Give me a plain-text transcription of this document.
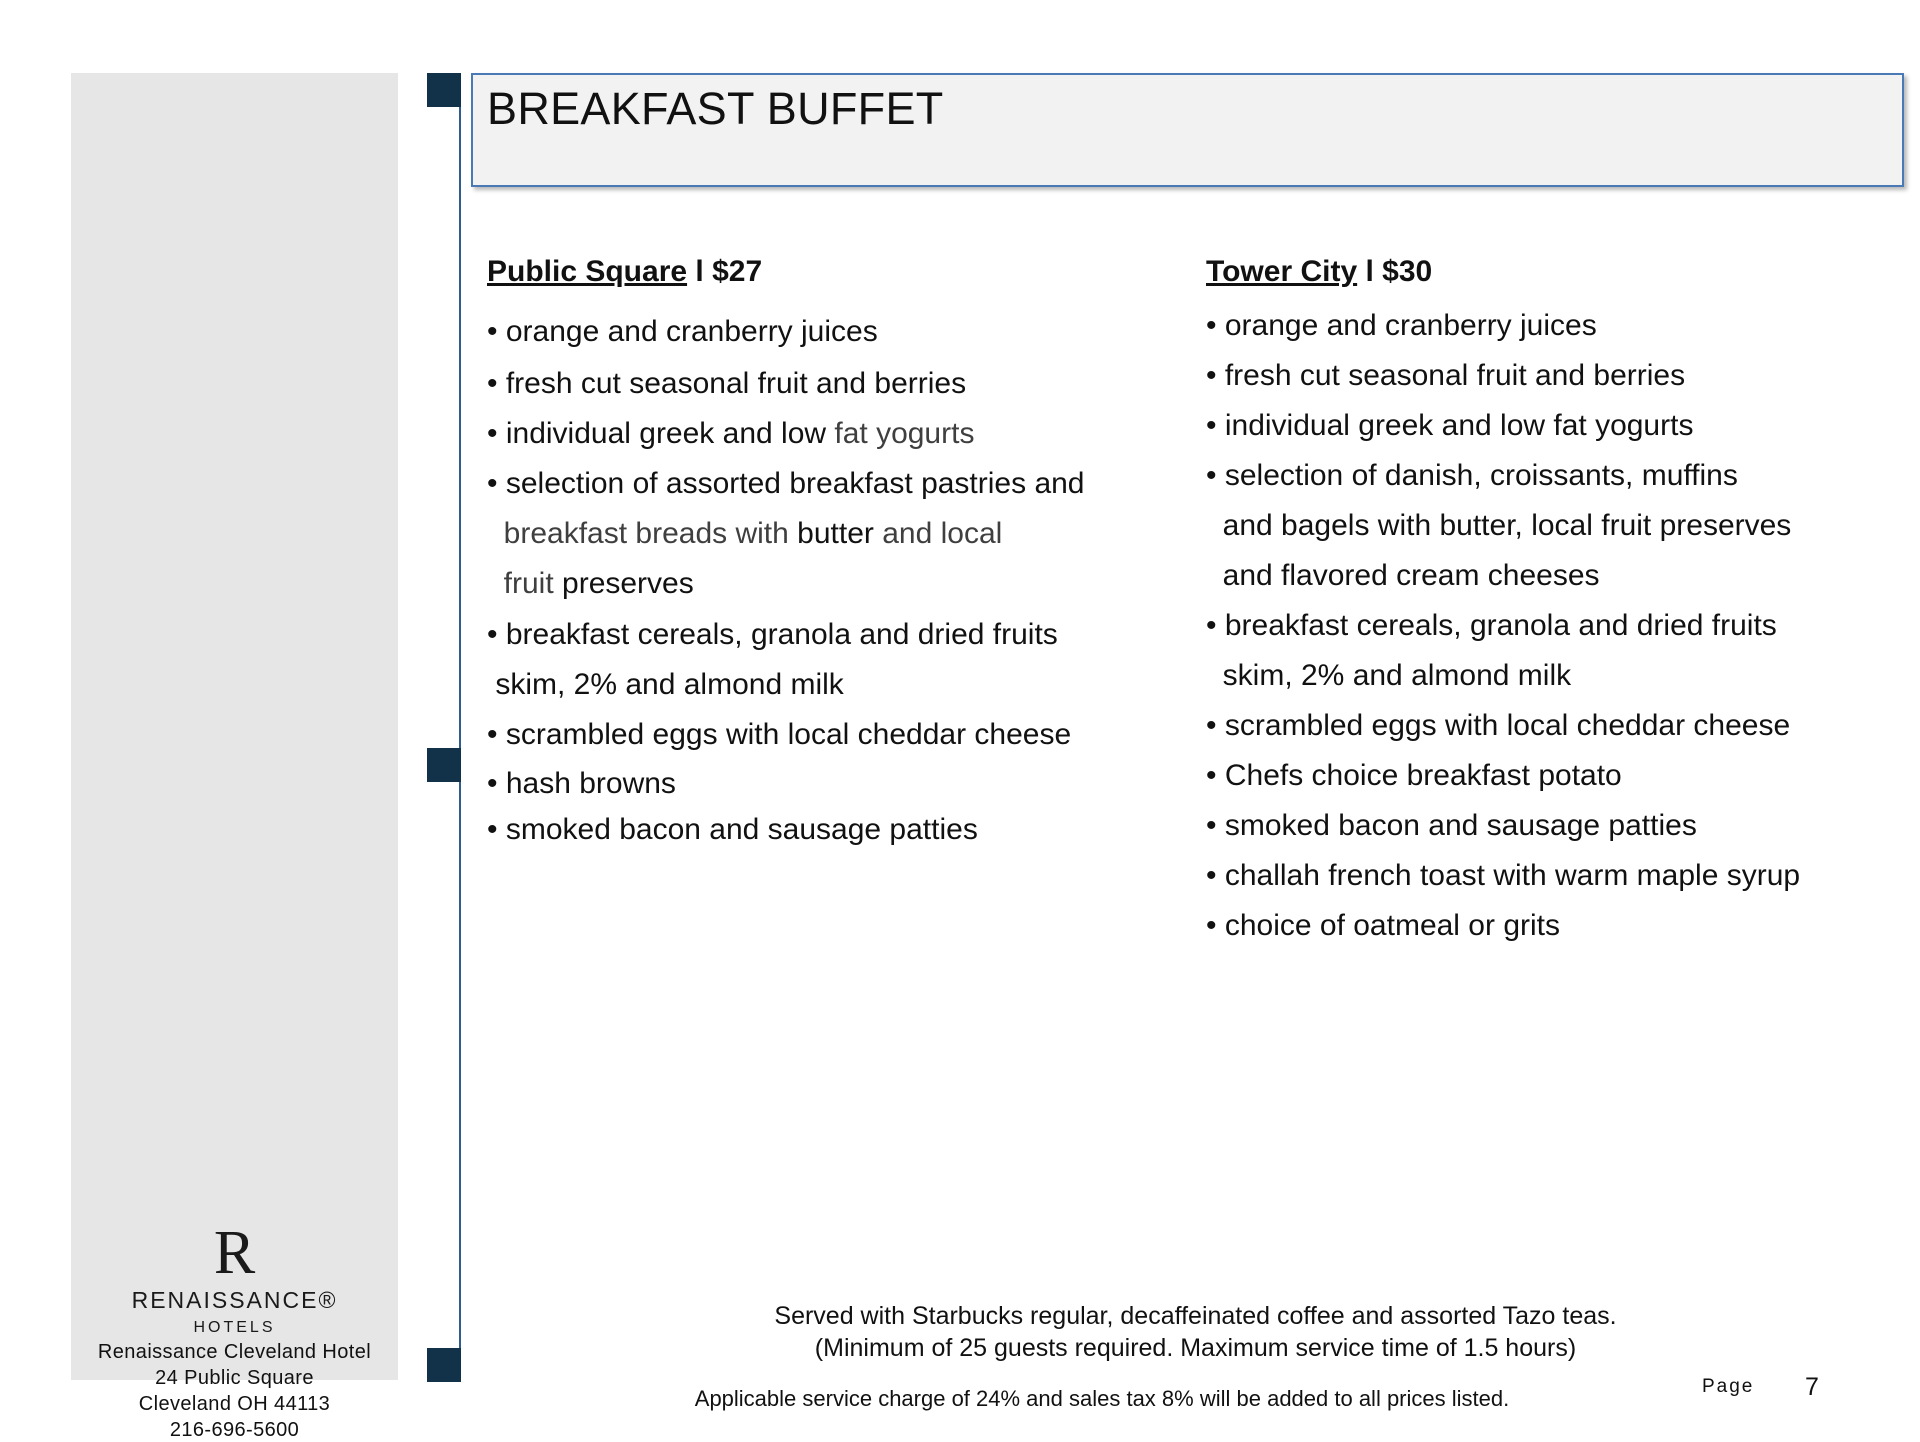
R
RENAISSANCE®
HOTELS
Renaissance Cleveland Hotel
24 Public Square
Cleveland OH 44113
216-696-5600
BREAKFAST BUFFET
Public Square l $27
• orange and cranberry juices
• fresh cut seasonal fruit and berries
• individual greek and low fat yogurts
• selection of assorted breakfast pastries and
breakfast breads with butter and local
fruit preserves
• breakfast cereals, granola and dried fruits
skim, 2% and almond milk
• scrambled eggs with local cheddar cheese
• hash browns
• smoked bacon and sausage patties
Tower City l $30
• orange and cranberry juices
• fresh cut seasonal fruit and berries
• individual greek and low fat yogurts
• selection of danish, croissants, muffins
and bagels with butter, local fruit preserves
and flavored cream cheeses
• breakfast cereals, granola and dried fruits
skim, 2% and almond milk
• scrambled eggs with local cheddar cheese
• Chefs choice breakfast potato
• smoked bacon and sausage patties
• challah french toast with warm maple syrup
• choice of oatmeal or grits
Served with Starbucks regular, decaffeinated coffee and assorted Tazo teas.
(Minimum of 25 guests required. Maximum service time of 1.5 hours)
Applicable service charge of 24% and sales tax 8% will be added to all prices listed.	Page 7
